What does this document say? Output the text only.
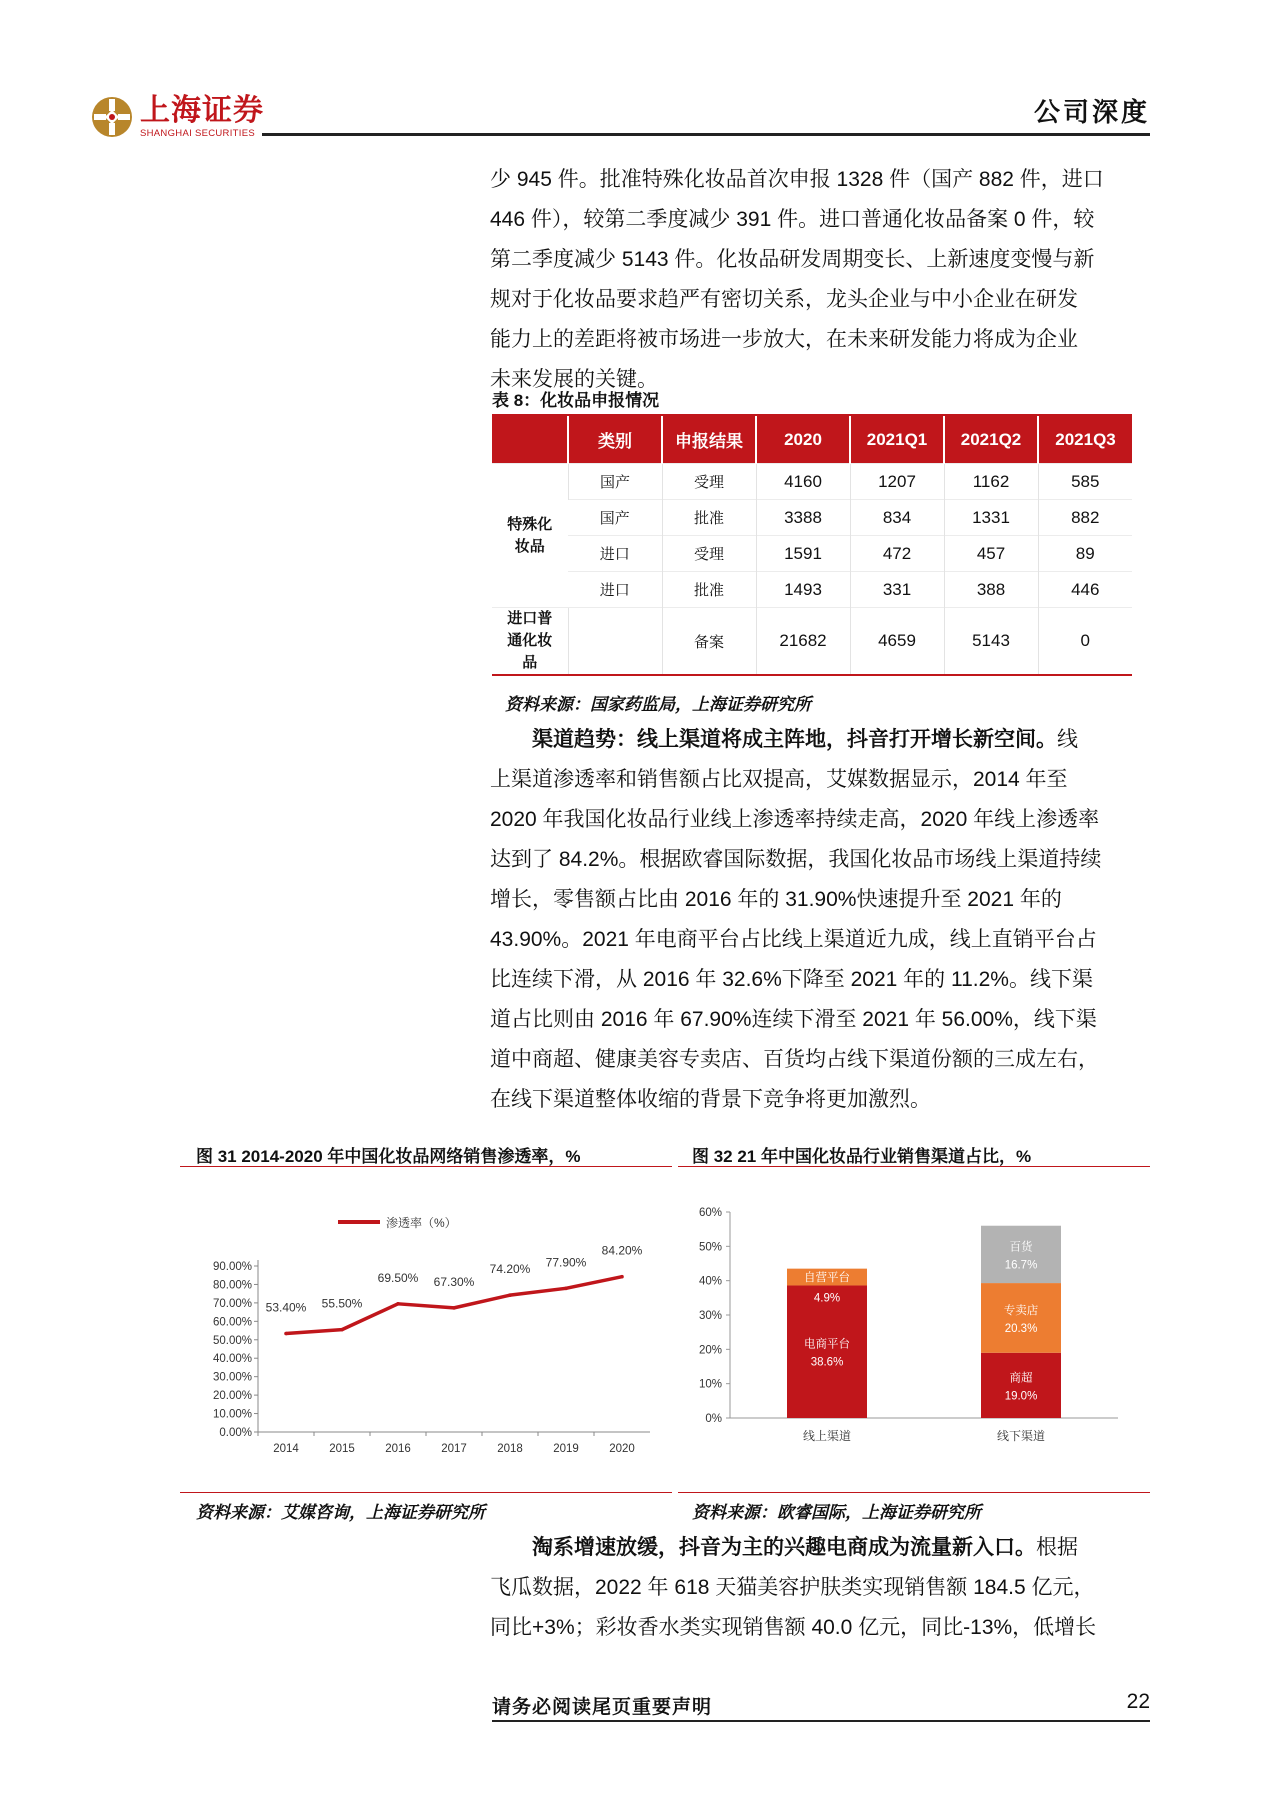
上海证券
SHANGHAI SECURITIES
公司深度

少 945 件。批准特殊化妆品首次申报 1328 件（国产 882 件，进口
446 件），较第二季度减少 391 件。进口普通化妆品备案 0 件，较
第二季度减少 5143 件。化妆品研发周期变长、上新速度变慢与新
规对于化妆品要求趋严有密切关系，龙头企业与中小企业在研发
能力上的差距将被市场进一步放大，在未来研发能力将成为企业
未来发展的关键。

表 8：化妆品申报情况
	类别	申报结果	2020	2021Q1	2021Q2	2021Q3
特殊化
妆品	国产	受理	4160	1207	1162	585
	国产	批准	3388	834	1331	882
	进口	受理	1591	472	457	89
	进口	批准	1493	331	388	446
进口普
通化妆
品		备案	21682	4659	5143	0
资料来源：国家药监局，上海证券研究所

渠道趋势：线上渠道将成主阵地，抖音打开增长新空间。线
上渠道渗透率和销售额占比双提高，艾媒数据显示，2014 年至
2020 年我国化妆品行业线上渗透率持续走高，2020 年线上渗透率
达到了 84.2%。根据欧睿国际数据，我国化妆品市场线上渠道持续
增长，零售额占比由 2016 年的 31.90%快速提升至 2021 年的
43.90%。2021 年电商平台占比线上渠道近九成，线上直销平台占
比连续下滑，从 2016 年 32.6%下降至 2021 年的 11.2%。线下渠
道占比则由 2016 年 67.90%连续下滑至 2021 年 56.00%，线下渠
道中商超、健康美容专卖店、百货均占线下渠道份额的三成左右，
在线下渠道整体收缩的背景下竞争将更加激烈。

图 31 2014-2020 年中国化妆品网络销售渗透率，%
渗透率（%）
0.00%
10.00%
20.00%
30.00%
40.00%
50.00%
60.00%
70.00%
80.00%
90.00%
2014	2015	2016	2017	2018	2019	2020
53.40% 55.50%
69.50% 67.30%
74.20% 77.90%
84.20%
资料来源：艾媒咨询，上海证券研究所
图 32 21 年中国化妆品行业销售渠道占比，%
0%
10%
20%
30%
40%
50%
60%
电商平台
38.6%
自营平台
4.9%
线上渠道
商超
19.0%
专卖店
20.3%
百货
16.7%
线下渠道
资料来源：欧睿国际，上海证券研究所

淘系增速放缓，抖音为主的兴趣电商成为流量新入口。根据
飞瓜数据，2022 年 618 天猫美容护肤类实现销售额 184.5 亿元，
同比+3%；彩妆香水类实现销售额 40.0 亿元，同比-13%，低增长

请务必阅读尾页重要声明	22
